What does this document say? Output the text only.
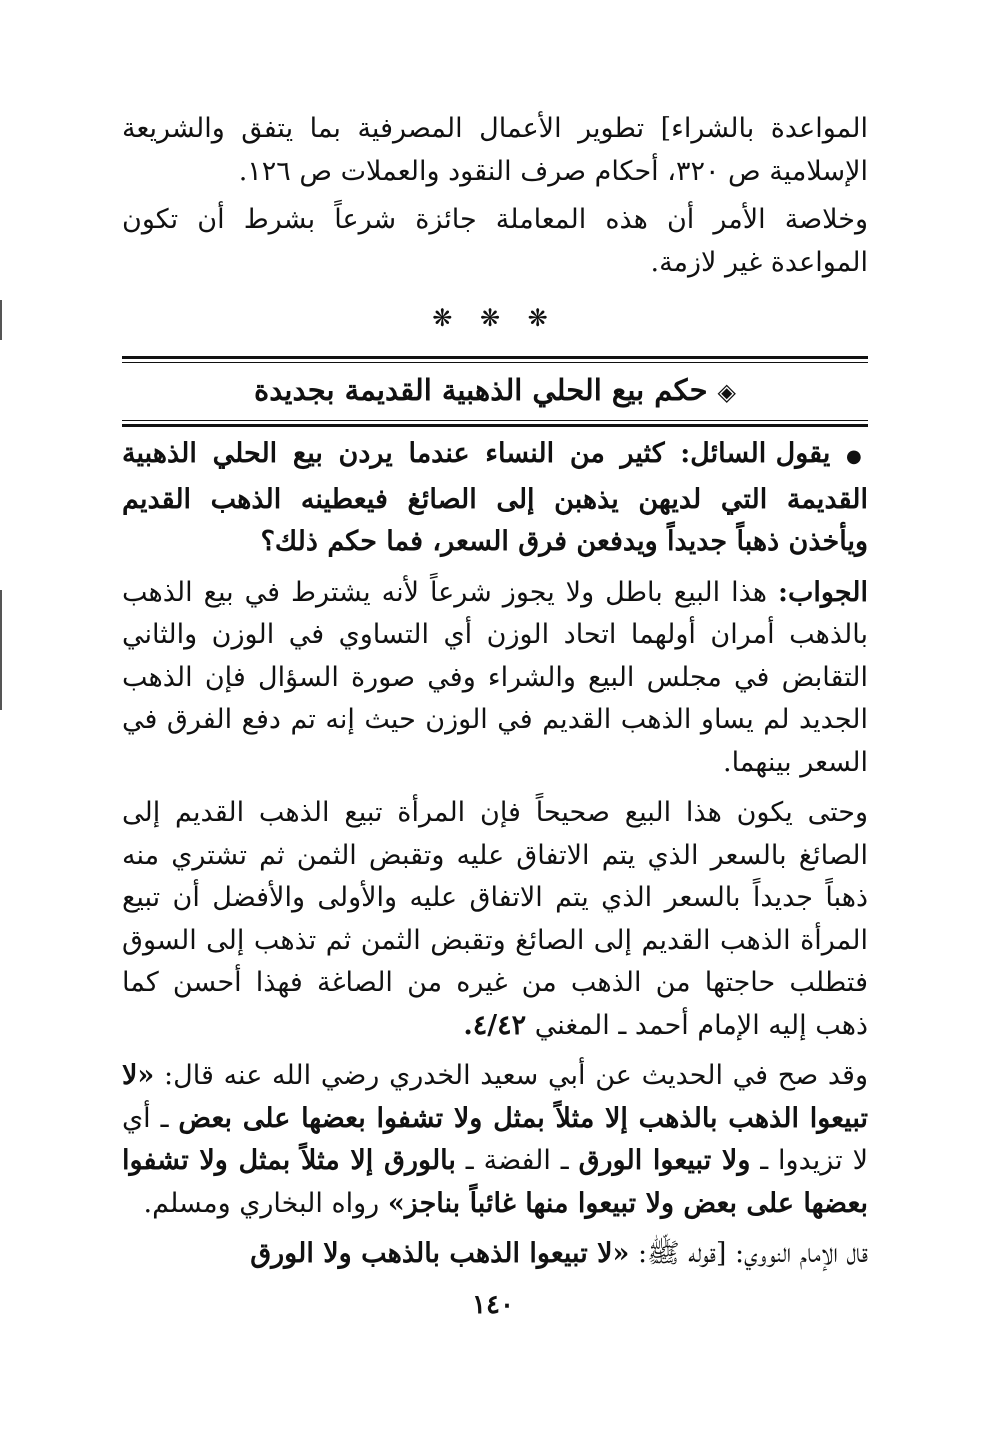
المواعدة بالشراء] تطوير الأعمال المصرفية بما يتفق والشريعة الإسلامية ص ٣٢٠، أحكام صرف النقود والعملات ص ١٢٦.

وخلاصة الأمر أن هذه المعاملة جائزة شرعاً بشرط أن تكون المواعدة غير لازمة.

❋ ❋ ❋
◈حكم بيع الحلي الذهبية القديمة بجديدة

● يقول السائل: كثير من النساء عندما يردن بيع الحلي الذهبية القديمة التي لديهن يذهبن إلى الصائغ فيعطينه الذهب القديم ويأخذن ذهباً جديداً ويدفعن فرق السعر، فما حكم ذلك؟

الجواب: هذا البيع باطل ولا يجوز شرعاً لأنه يشترط في بيع الذهب بالذهب أمران أولهما اتحاد الوزن أي التساوي في الوزن والثاني التقابض في مجلس البيع والشراء وفي صورة السؤال فإن الذهب الجديد لم يساو الذهب القديم في الوزن حيث إنه تم دفع الفرق في السعر بينهما.

وحتى يكون هذا البيع صحيحاً فإن المرأة تبيع الذهب القديم إلى الصائغ بالسعر الذي يتم الاتفاق عليه وتقبض الثمن ثم تشتري منه ذهباً جديداً بالسعر الذي يتم الاتفاق عليه والأولى والأفضل أن تبيع المرأة الذهب القديم إلى الصائغ وتقبض الثمن ثم تذهب إلى السوق فتطلب حاجتها من الذهب من غيره من الصاغة فهذا أحسن كما ذهب إليه الإمام أحمد ـ المغني ٤/٤٢.

وقد صح في الحديث عن أبي سعيد الخدري رضي الله عنه قال: «لا تبيعوا الذهب بالذهب إلا مثلاً بمثل ولا تشفوا بعضها على بعض ـ أي لا تزيدوا ـ ولا تبيعوا الورق ـ الفضة ـ بالورق إلا مثلاً بمثل ولا تشفوا بعضها على بعض ولا تبيعوا منها غائباً بناجز» رواه البخاري ومسلم.

قال الإمام النووي: [قوله ﷺ: «لا تبيعوا الذهب بالذهب ولا الورق

١٤٠
